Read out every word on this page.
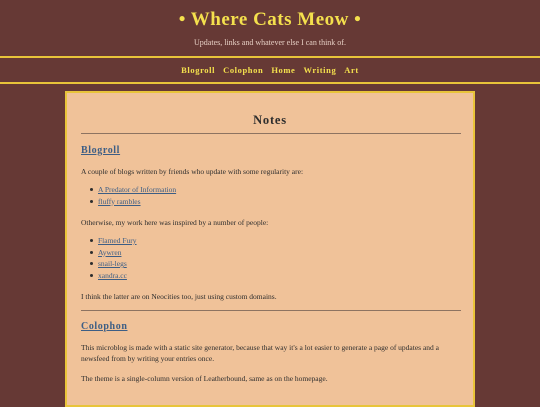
• Where Cats Meow •
Updates, links and whatever else I can think of.
Blogroll Colophon Home Writing Art
Notes
Blogroll
A couple of blogs written by friends who update with some regularity are:
A Predator of Information
fluffy rambles
Otherwise, my work here was inspired by a number of people:
Flamed Fury
Aywren
snail-legs
xandra.cc
I think the latter are on Neocities too, just using custom domains.
Colophon
This microblog is made with a static site generator, because that way it's a lot easier to generate a page of updates and a newsfeed from by writing your entries once.
The theme is a single-column version of Leatherbound, same as on the homepage.
